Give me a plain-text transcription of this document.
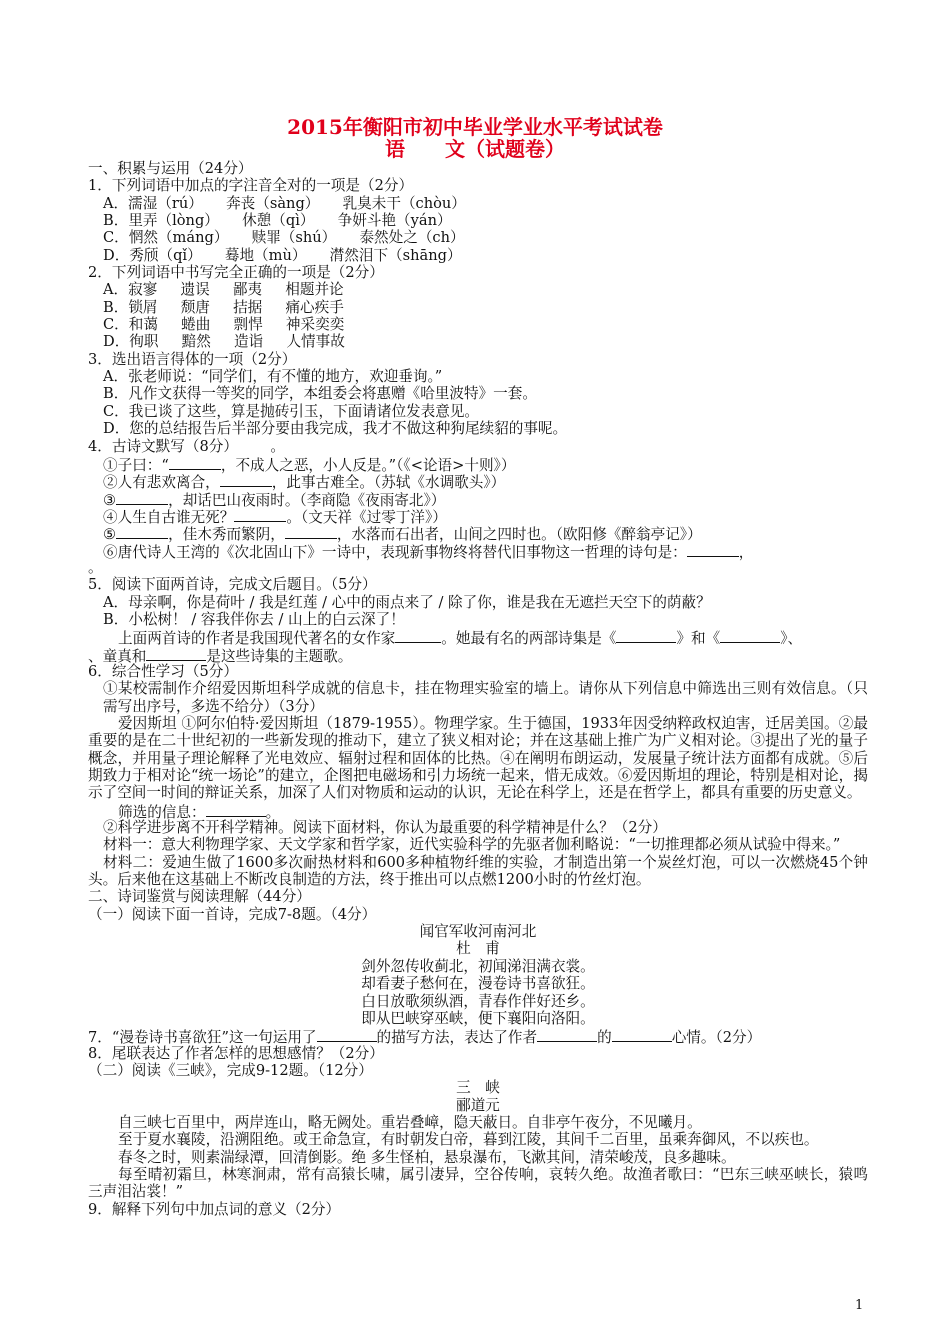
2015年衡阳市初中毕业学业水平考试试卷
语　　文（试题卷）
一、积累与运用（24分）
1．下列词语中加点的字注音全对的一项是（2分）
A．濡湿（rú）     奔丧（sàng）     乳臭未干（chòu）
B．里弄（lòng）     休憩（qì）     争妍斗艳（yán）
C．惘然（máng）     赎罪（shú）     泰然处之（ch）
D．秀颀（qǐ）     蓦地（mù）     潸然泪下（shāng）
2．下列词语中书写完全正确的一项是（2分）
A．寂寥     遗误     鄙夷     相题并论
B．锁屑     颓唐     拮据     痛心疾手
C．和蔼     蜷曲     剽悍     神采奕奕
D．徇职     黯然     造诣     人情事故
3．选出语言得体的一项（2分）
A．张老师说：“同学们，有不懂的地方，欢迎垂询。”
B．凡作文获得一等奖的同学，本组委会将惠赠《哈里波特》一套。
C．我已谈了这些，算是抛砖引玉，下面请诸位发表意见。
D．您的总结报告后半部分要由我完成，我才不做这种狗尾续貂的事呢。
4．古诗文默写（8分）       。
①子曰：“	，不成人之恶，小人反是。”（《<论语>十则》）
②人有悲欢离合，	，此事古难全。（苏轼《水调歌头》）
③	，却话巴山夜雨时。（李商隐《夜雨寄北》）
④人生自古谁无死？	。（文天祥《过零丁洋》）
⑤	，佳木秀而繁阴，	，水落而石出者，山间之四时也。（欧阳修《醉翁亭记》）
⑥唐代诗人王湾的《次北固山下》一诗中，表现新事物终将替代旧事物这一哲理的诗句是：	，
。
5．阅读下面两首诗，完成文后题目。（5分）
A．母亲啊，你是荷叶 / 我是红莲 / 心中的雨点来了 / 除了你，谁是我在无遮拦天空下的荫蔽？
B．小松树！ / 容我伴你去 / 山上的白云深了！
上面两首诗的作者是我国现代著名的女作家	。她最有名的两部诗集是《	》和《	》、
、童真和	是这些诗集的主题歌。
6．综合性学习（5分）
①某校需制作介绍爱因斯坦科学成就的信息卡，挂在物理实验室的墙上。请你从下列信息中筛选出三则有效信息。（只需写出序号，多选不给分）（3分）
爱因斯坦 ①阿尔伯特·爱因斯坦（1879-1955）。物理学家。生于德国，1933年因受纳粹政权迫害，迁居美国。②最重要的是在二十世纪初的一些新发现的推动下，建立了狭义相对论；并在这基础上推广为广义相对论。③提出了光的量子概念，并用量子理论解释了光电效应、辐射过程和固体的比热。④在阐明布朗运动，发展量子统计法方面都有成就。⑤后期致力于相对论“统一场论”的建立，企图把电磁场和引力场统一起来，惜无成效。⑥爱因斯坦的理论，特别是相对论，揭示了空间一时间的辩证关系，加深了人们对物质和运动的认识，无论在科学上，还是在哲学上，都具有重要的历史意义。
筛选的信息：	。
②科学进步离不开科学精神。阅读下面材料，你认为最重要的科学精神是什么？（2分）
材料一：意大利物理学家、天文学家和哲学家，近代实验科学的先驱者伽利略说：“一切推理都必须从试验中得来。”
材料二：爱迪生做了1600多次耐热材料和600多种植物纤维的实验，才制造出第一个炭丝灯泡，可以一次燃烧45个钟头。后来他在这基础上不断改良制造的方法，终于推出可以点燃1200小时的竹丝灯泡。
二、诗词鉴赏与阅读理解（44分）
（一）阅读下面一首诗，完成7-8题。（4分）
闻官军收河南河北
杜　甫
剑外忽传收蓟北，初闻涕泪满衣裳。
却看妻子愁何在，漫卷诗书喜欲狂。
白日放歌须纵酒，青春作伴好还乡。
即从巴峡穿巫峡，便下襄阳向洛阳。
7．“漫卷诗书喜欲狂”这一句运用了	的描写方法，表达了作者	的	心情。（2分）
8．尾联表达了作者怎样的思想感情？（2分）
（二）阅读《三峡》，完成9-12题。（12分）
三　峡
郦道元
自三峡七百里中，两岸连山，略无阙处。重岩叠嶂，隐天蔽日。自非亭午夜分，不见曦月。
至于夏水襄陵，沿溯阻绝。或王命急宣，有时朝发白帝，暮到江陵，其间千二百里，虽乘奔御风，不以疾也。
春冬之时，则素湍绿潭，回清倒影。绝 多生怪柏，悬泉瀑布，飞漱其间，清荣峻茂，良多趣味。
每至晴初霜旦，林寒涧肃，常有高猿长啸，属引凄异，空谷传响，哀转久绝。故渔者歌曰：“巴东三峡巫峡长，猿鸣三声泪沾裳！”
9．解释下列句中加点词的意义（2分）
1
